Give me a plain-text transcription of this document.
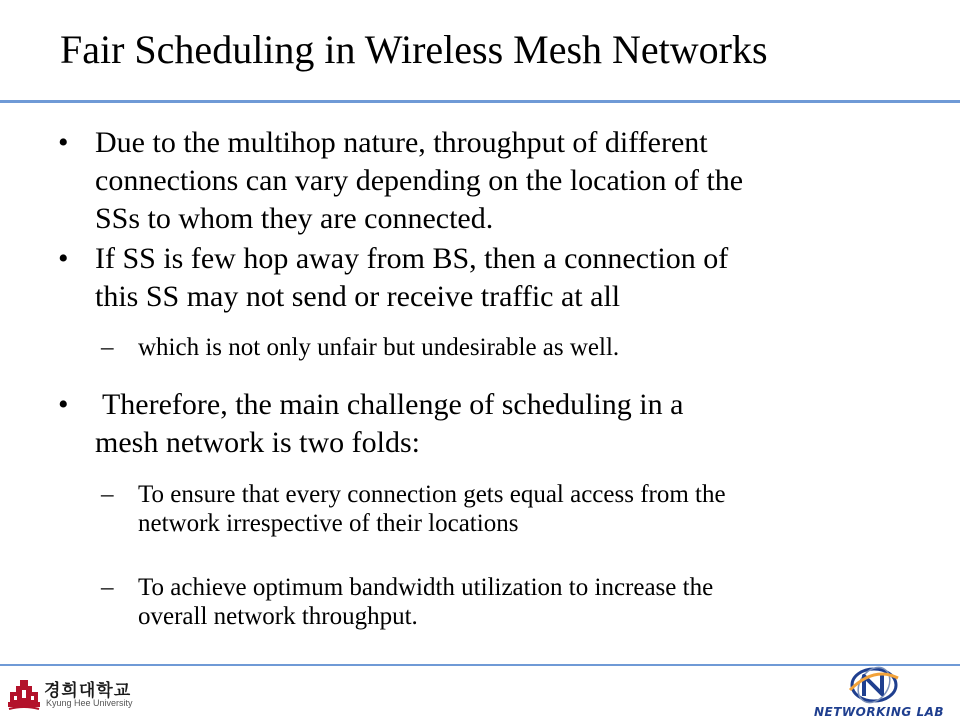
Fair Scheduling in Wireless Mesh Networks
• Due to the multihop nature, throughput of different
connections can vary depending on the location of the
SSs to whom they are connected.
• If SS is few hop away from BS, then a connection of
this SS may not send or receive traffic at all
– which is not only unfair but undesirable as well.
• Therefore, the main challenge of scheduling in a
mesh network is two folds:
– To ensure that every connection gets equal access from the
network irrespective of their locations
– To achieve optimum bandwidth utilization to increase the
overall network throughput.
경희대학교
Kyung Hee University
NETWORKING LAB
